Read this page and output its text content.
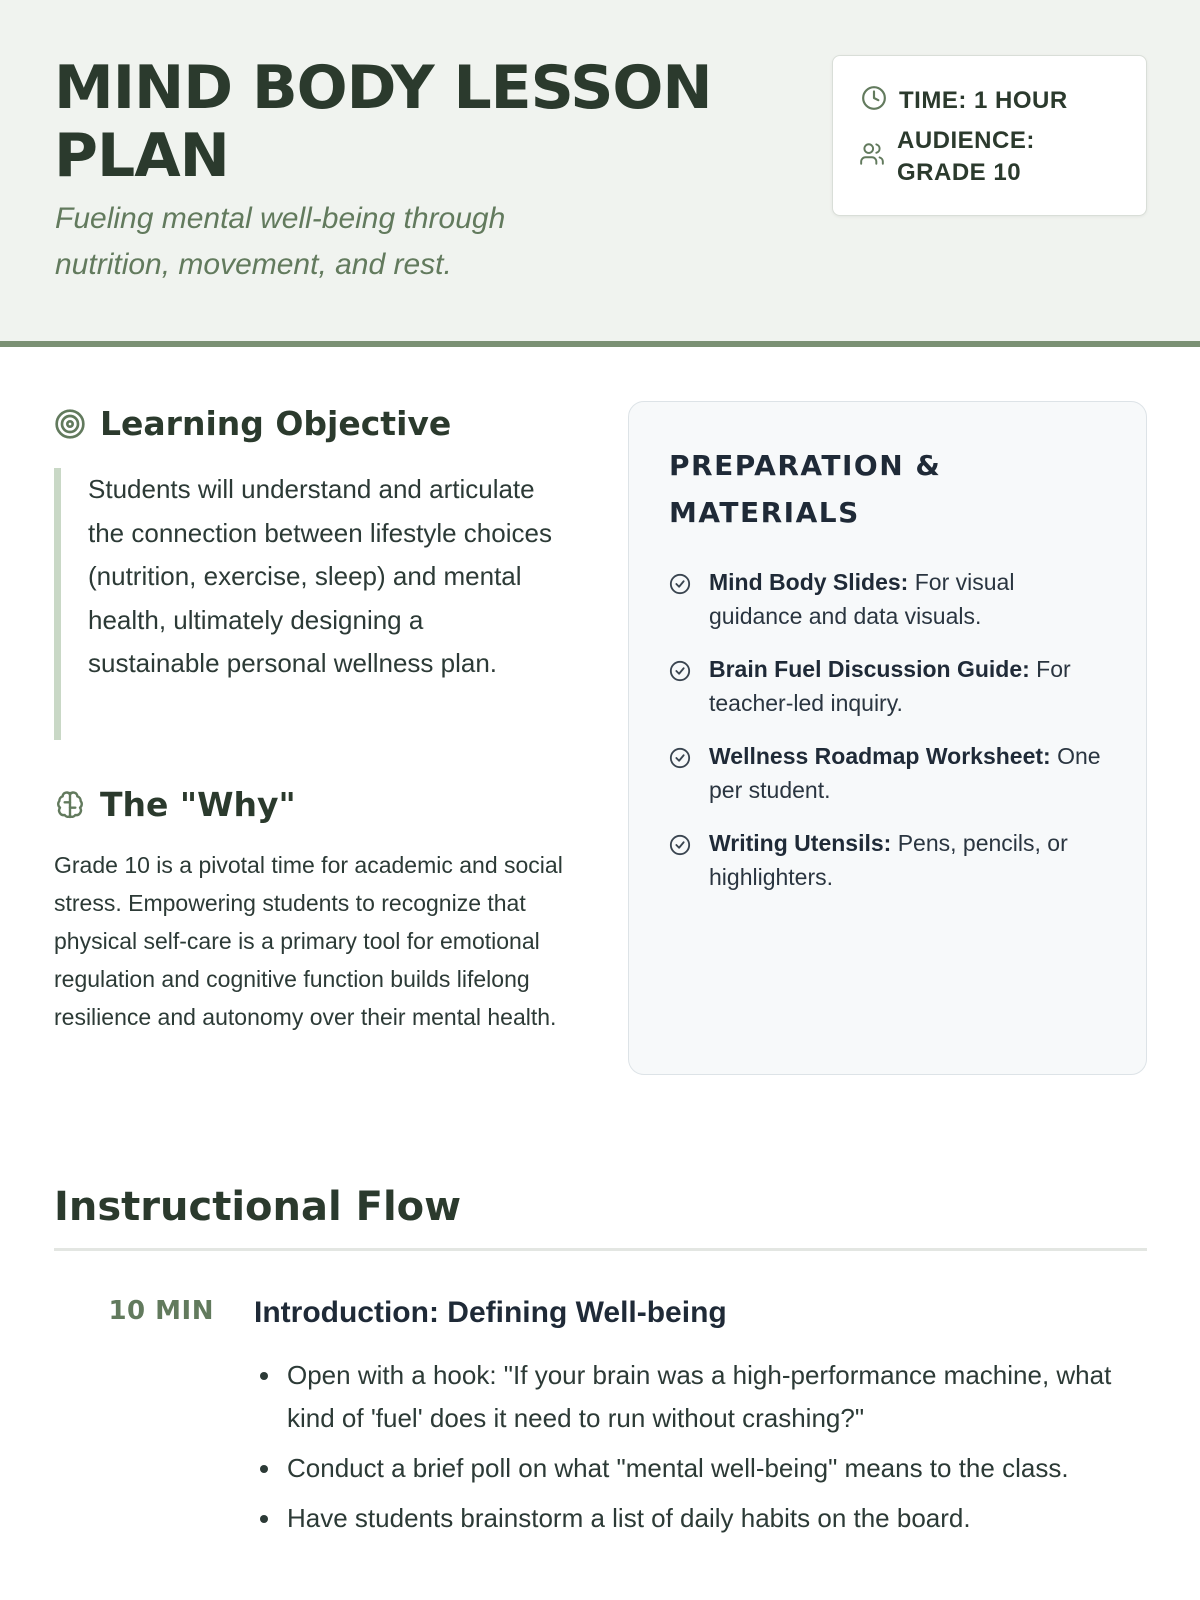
MIND BODY LESSON PLAN
Fueling mental well-being through nutrition, movement, and rest.
TIME: 1 HOUR
AUDIENCE: GRADE 10
Learning Objective
Students will understand and articulate the connection between lifestyle choices (nutrition, exercise, sleep) and mental health, ultimately designing a sustainable personal wellness plan.
The "Why"
Grade 10 is a pivotal time for academic and social stress. Empowering students to recognize that physical self-care is a primary tool for emotional regulation and cognitive function builds lifelong resilience and autonomy over their mental health.
PREPARATION & MATERIALS
Mind Body Slides: For visual guidance and data visuals.
Brain Fuel Discussion Guide: For teacher-led inquiry.
Wellness Roadmap Worksheet: One per student.
Writing Utensils: Pens, pencils, or highlighters.
Instructional Flow
10 MIN Introduction: Defining Well-being
Open with a hook: "If your brain was a high-performance machine, what kind of 'fuel' does it need to run without crashing?"
Conduct a brief poll on what "mental well-being" means to the class.
Have students brainstorm a list of daily habits on the board.
